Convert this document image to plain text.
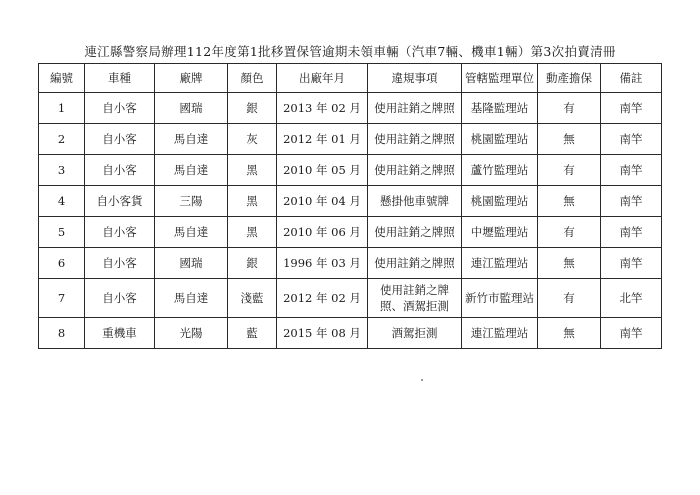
連江縣警察局辦理112年度第1批移置保管逾期未領車輛（汽車7輛、機車1輛）第3次拍賣清冊
編號	車種	廠牌	顏色	出廠年月	違規事項	管轄監理單位	動產擔保	備註
1	自小客	國瑞	銀	2013 年 02 月	使用註銷之牌照	基隆監理站	有	南竿
2	自小客	馬自達	灰	2012 年 01 月	使用註銷之牌照	桃園監理站	無	南竿
3	自小客	馬自達	黑	2010 年 05 月	使用註銷之牌照	蘆竹監理站	有	南竿
4	自小客貨	三陽	黑	2010 年 04 月	懸掛他車號牌	桃園監理站	無	南竿
5	自小客	馬自達	黑	2010 年 06 月	使用註銷之牌照	中壢監理站	有	南竿
6	自小客	國瑞	銀	1996 年 03 月	使用註銷之牌照	連江監理站	無	南竿
7	自小客	馬自達	淺藍	2012 年 02 月	使用註銷之牌照、酒駕拒測	新竹市監理站	有	北竿
8	重機車	光陽	藍	2015 年 08 月	酒駕拒測	連江監理站	無	南竿
